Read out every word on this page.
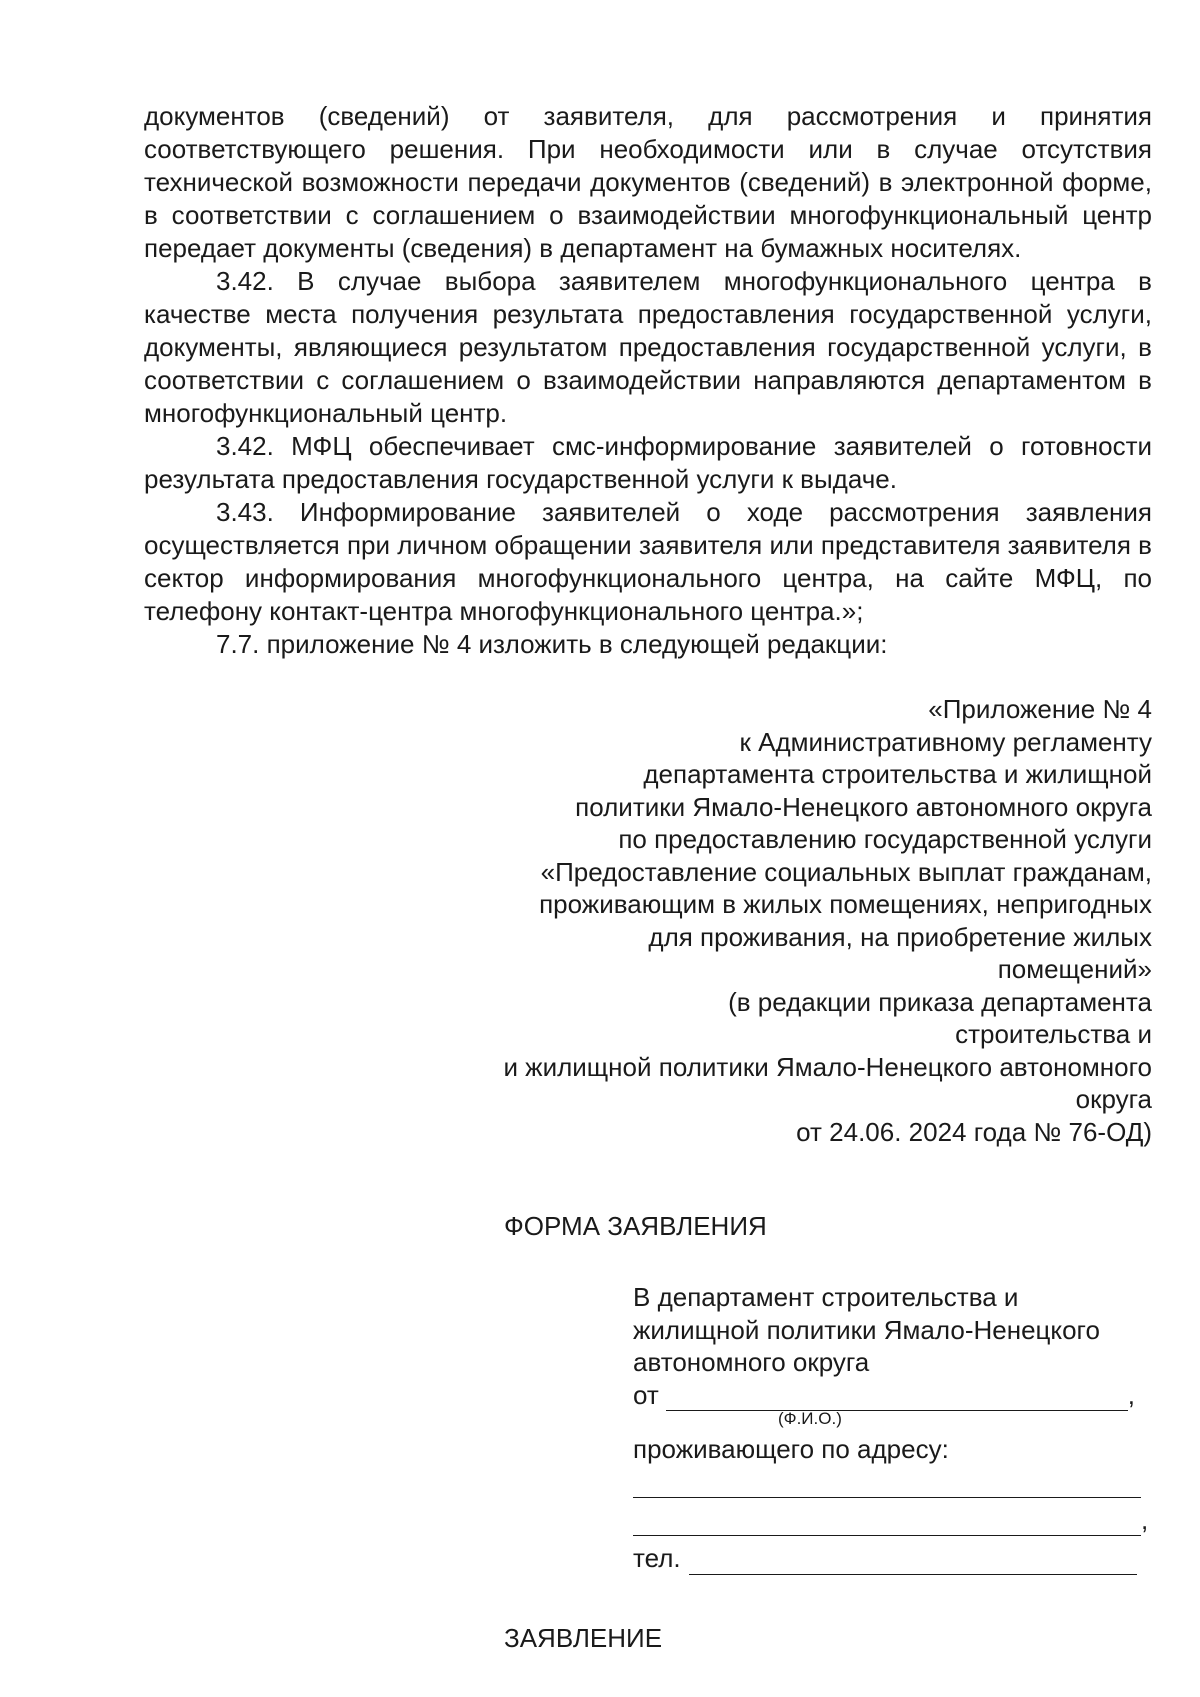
документов (сведений) от заявителя, для рассмотрения и принятия соответствующего решения. При необходимости или в случае отсутствия технической возможности передачи документов (сведений) в электронной форме, в соответствии с соглашением о взаимодействии многофункциональный центр передает документы (сведения) в департамент на бумажных носителях.

3.42. В случае выбора заявителем многофункционального центра в качестве места получения результата предоставления государственной услуги, документы, являющиеся результатом предоставления государственной услуги, в соответствии с соглашением о взаимодействии направляются департаментом в многофункциональный центр.

3.42. МФЦ обеспечивает смс-информирование заявителей о готовности результата предоставления государственной услуги к выдаче.

3.43. Информирование заявителей о ходе рассмотрения заявления осуществляется при личном обращении заявителя или представителя заявителя в сектор информирования многофункционального центра, на сайте МФЦ, по телефону контакт-центра многофункционального центра.»;

7.7. приложение № 4 изложить в следующей редакции:

«Приложение № 4
к Административному регламенту
департамента строительства и жилищной
политики Ямало-Ненецкого автономного округа
по предоставлению государственной услуги
«Предоставление социальных выплат гражданам,
проживающим в жилых помещениях, непригодных
для проживания, на приобретение жилых
помещений»
(в редакции приказа департамента
строительства и
и жилищной политики Ямало-Ненецкого автономного
округа
от 24.06. 2024 года № 76-ОД)
ФОРМА ЗАЯВЛЕНИЯ
В департамент строительства и
жилищной политики Ямало-Ненецкого
автономного округа
от	,
(Ф.И.О.)
проживающего по адресу:
,
тел.
ЗАЯВЛЕНИЕ
